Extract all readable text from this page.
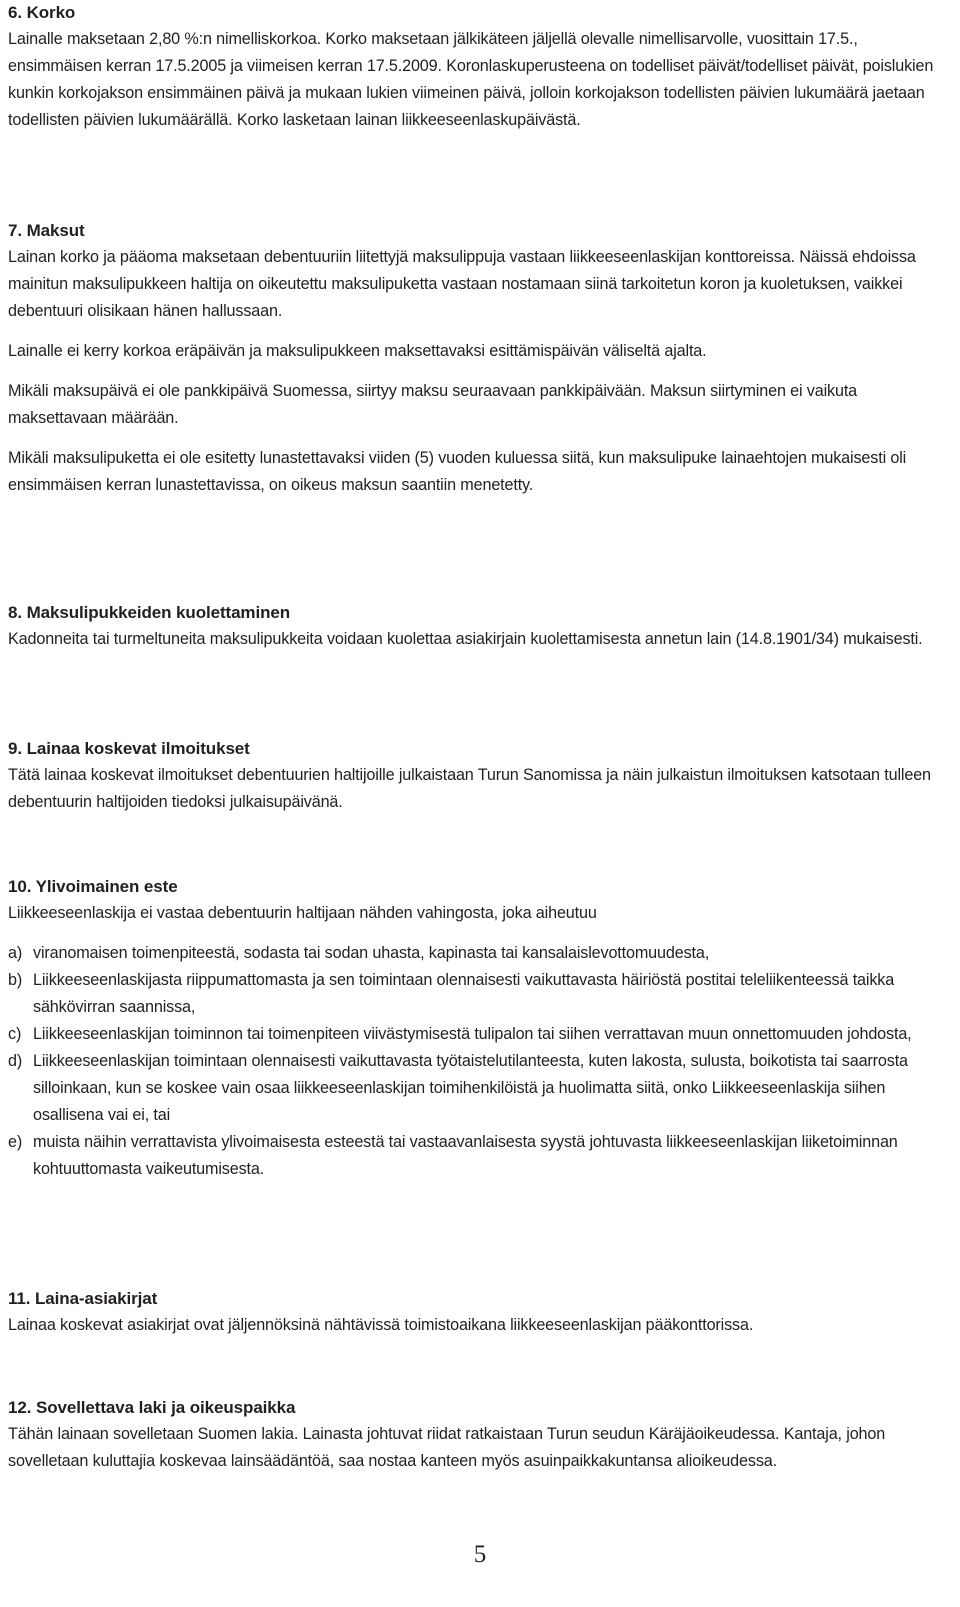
6. Korko

Lainalle maksetaan 2,80 %:n nimelliskorkoa. Korko maksetaan jälkikäteen jäljellä olevalle nimellisarvolle, vuosittain 17.5., ensimmäisen kerran 17.5.2005 ja viimeisen kerran 17.5.2009. Koronlaskuperusteena on todelliset päivät/todelliset päivät, poislukien kunkin korkojakson ensimmäinen päivä ja mukaan lukien viimeinen päivä, jolloin korkojakson todellisten päivien lukumäärä jaetaan todellisten päivien lukumäärällä. Korko lasketaan lainan liikkeeseenlaskupäivästä.

7. Maksut

Lainan korko ja pääoma maksetaan debentuuriin liitettyjä maksulippuja vastaan liikkeeseenlaskijan konttoreissa. Näissä ehdoissa mainitun maksulipukkeen haltija on oikeutettu maksulipuketta vastaan nostamaan siinä tarkoitetun koron ja kuoletuksen, vaikkei debentuuri olisikaan hänen hallussaan.

Lainalle ei kerry korkoa eräpäivän ja maksulipukkeen maksettavaksi esittämispäivän väliseltä ajalta.

Mikäli maksupäivä ei ole pankkipäivä Suomessa, siirtyy maksu seuraavaan pankkipäivään. Maksun siirtyminen ei vaikuta maksettavaan määrään.

Mikäli maksulipuketta ei ole esitetty lunastettavaksi viiden (5) vuoden kuluessa siitä, kun maksulipuke lainaehtojen mukaisesti oli ensimmäisen kerran lunastettavissa, on oikeus maksun saantiin menetetty.

8. Maksulipukkeiden kuolettaminen

Kadonneita tai turmeltuneita maksulipukkeita voidaan kuolettaa asiakirjain kuolettamisesta annetun lain (14.8.1901/34) mukaisesti.

9. Lainaa koskevat ilmoitukset

Tätä lainaa koskevat ilmoitukset debentuurien haltijoille julkaistaan Turun Sanomissa ja näin julkaistun ilmoituksen katsotaan tulleen debentuurin haltijoiden tiedoksi julkaisupäivänä.

10. Ylivoimainen este

Liikkeeseenlaskija ei vastaa debentuurin haltijaan nähden vahingosta, joka aiheutuu

a) viranomaisen toimenpiteestä, sodasta tai sodan uhasta, kapinasta tai kansalaislevottomuudesta,
b) Liikkeeseenlaskijasta riippumattomasta ja sen toimintaan olennaisesti vaikuttavasta häiriöstä postitai teleliikenteessä taikka sähkövirran saannissa,
c) Liikkeeseenlaskijan toiminnon tai toimenpiteen viivästymisestä tulipalon tai siihen verrattavan muun onnettomuuden johdosta,
d) Liikkeeseenlaskijan toimintaan olennaisesti vaikuttavasta työtaistelutilanteesta, kuten lakosta, sulusta, boikotista tai saarrosta silloinkaan, kun se koskee vain osaa liikkeeseenlaskijan toimihenkilöistä ja huolimatta siitä, onko Liikkeeseenlaskija siihen osallisena vai ei, tai
e) muista näihin verrattavista ylivoimaisesta esteestä tai vastaavanlaisesta syystä johtuvasta liikkeeseenlaskijan liiketoiminnan kohtuuttomasta vaikeutumisesta.
11. Laina-asiakirjat

Lainaa koskevat asiakirjat ovat jäljennöksinä nähtävissä toimistoaikana liikkeeseenlaskijan pääkonttorissa.

12. Sovellettava laki ja oikeuspaikka

Tähän lainaan sovelletaan Suomen lakia. Lainasta johtuvat riidat ratkaistaan Turun seudun Käräjäoikeudessa. Kantaja, johon sovelletaan kuluttajia koskevaa lainsäädäntöä, saa nostaa kanteen myös asuinpaikkakuntansa alioikeudessa.

5
